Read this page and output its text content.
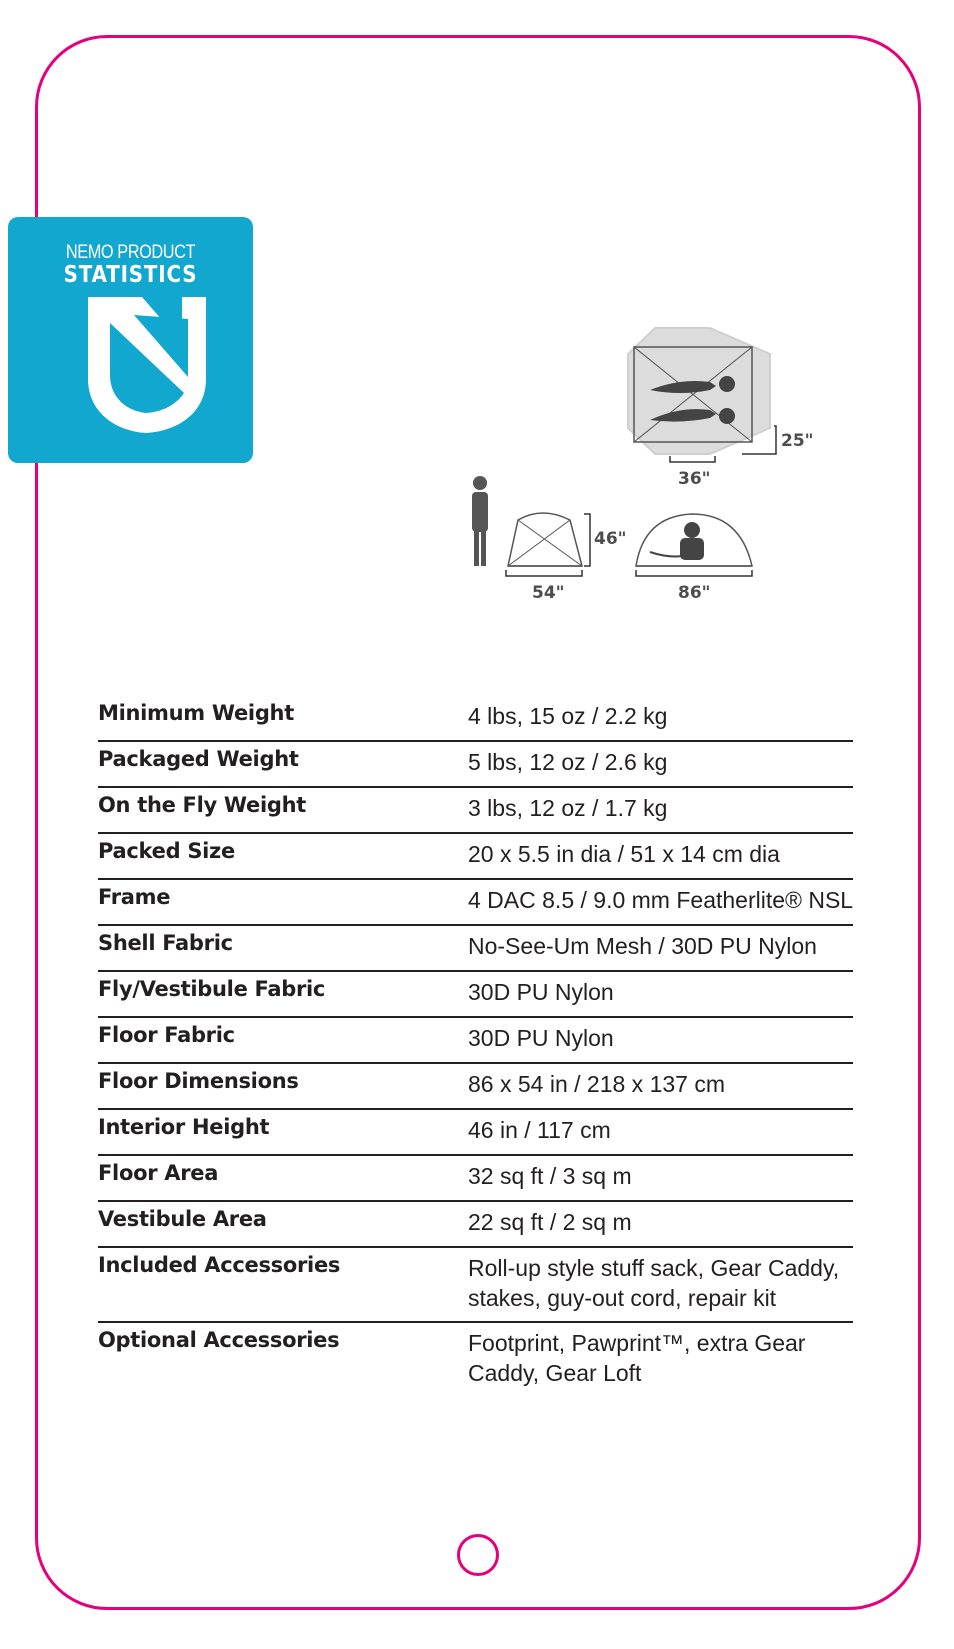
NEMO PRODUCT
STATISTICS
25"
36"
46"
54"	86"
Minimum Weight	4 lbs, 15 oz / 2.2 kg
Packaged Weight	5 lbs, 12 oz / 2.6 kg
On the Fly Weight	3 lbs, 12 oz / 1.7 kg
Packed Size	20 x 5.5 in dia / 51 x 14 cm dia
Frame	4 DAC 8.5 / 9.0 mm Featherlite® NSL
Shell Fabric	No-See-Um Mesh / 30D PU Nylon
Fly/Vestibule Fabric	30D PU Nylon
Floor Fabric	30D PU Nylon
Floor Dimensions	86 x 54 in / 218 x 137 cm
Interior Height	46 in / 117 cm
Floor Area	32 sq ft / 3 sq m
Vestibule Area	22 sq ft / 2 sq m
Included Accessories	Roll-up style stuff sack, Gear Caddy,
stakes, guy-out cord, repair kit
Optional Accessories	Footprint, Pawprint™, extra Gear
Caddy, Gear Loft
